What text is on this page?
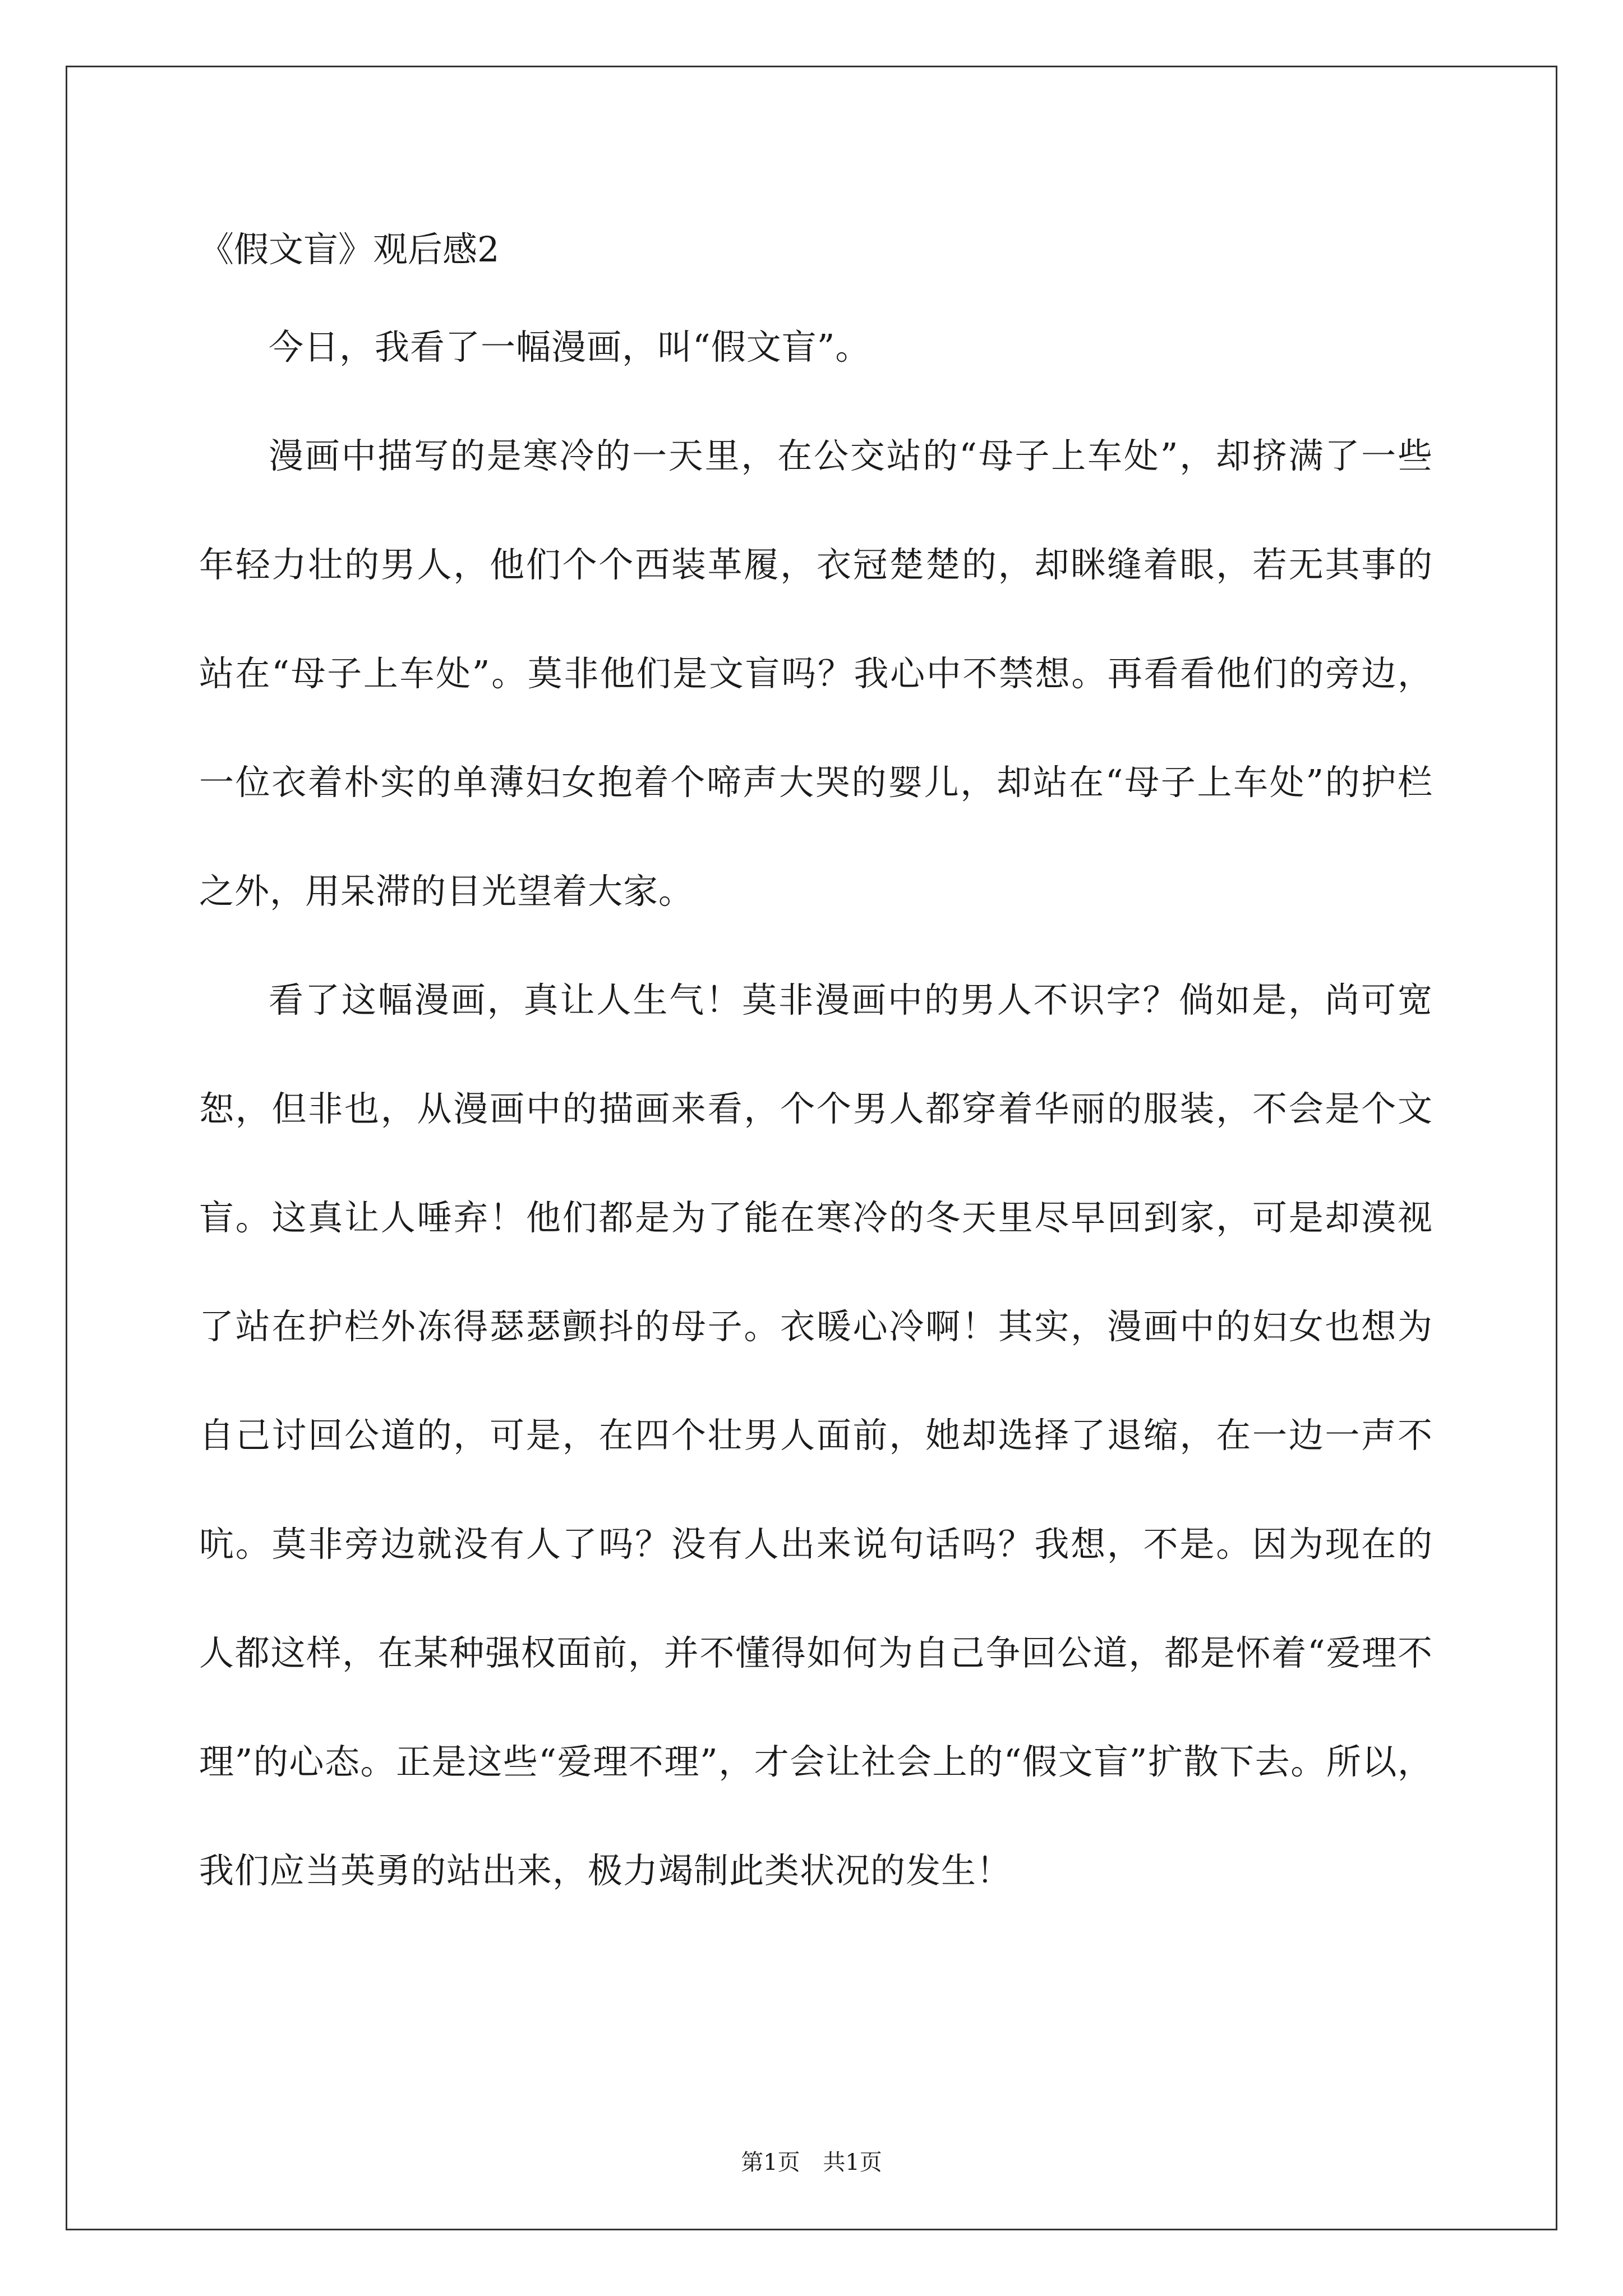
《假文盲》观后感2

今日，我看了一幅漫画，叫“假文盲”。

漫画中描写的是寒冷的一天里，在公交站的“母子上车处”，却挤满了一些年轻力壮的男人，他们个个西装革履，衣冠楚楚的，却眯缝着眼，若无其事的站在“母子上车处”。莫非他们是文盲吗？我心中不禁想。再看看他们的旁边，一位衣着朴实的单薄妇女抱着个啼声大哭的婴儿，却站在“母子上车处”的护栏之外，用呆滞的目光望着大家。

看了这幅漫画，真让人生气！莫非漫画中的男人不识字？倘如是，尚可宽恕，但非也，从漫画中的描画来看，个个男人都穿着华丽的服装，不会是个文盲。这真让人唾弃！他们都是为了能在寒冷的冬天里尽早回到家，可是却漠视了站在护栏外冻得瑟瑟颤抖的母子。衣暖心冷啊！其实，漫画中的妇女也想为自己讨回公道的，可是，在四个壮男人面前，她却选择了退缩，在一边一声不吭。莫非旁边就没有人了吗？没有人出来说句话吗？我想，不是。因为现在的人都这样，在某种强权面前，并不懂得如何为自己争回公道，都是怀着“爱理不理”的心态。正是这些“爱理不理”，才会让社会上的“假文盲”扩散下去。所以，我们应当英勇的站出来，极力竭制此类状况的发生！

第1页 共1页
